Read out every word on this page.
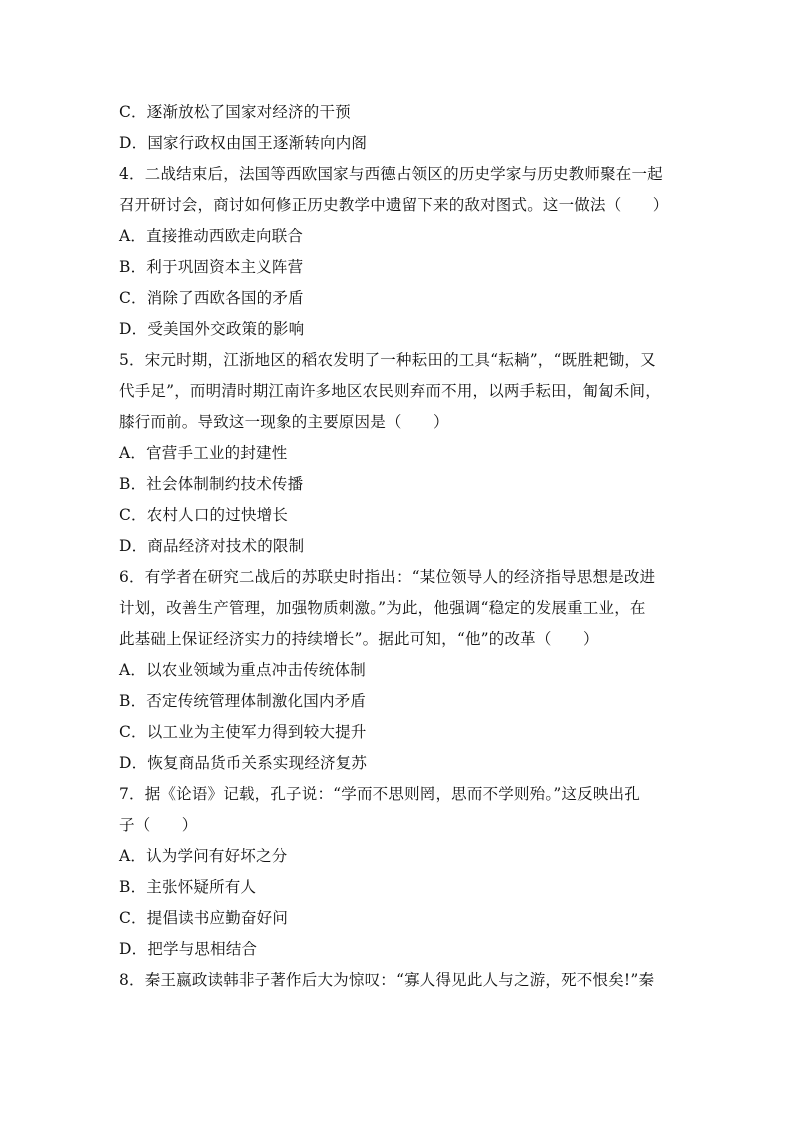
C．逐渐放松了国家对经济的干预
D．国家行政权由国王逐渐转向内阁
4．二战结束后，法国等西欧国家与西德占领区的历史学家与历史教师聚在一起
召开研讨会，商讨如何修正历史教学中遗留下来的敌对图式。这一做法（　　）
A．直接推动西欧走向联合
B．利于巩固资本主义阵营
C．消除了西欧各国的矛盾
D．受美国外交政策的影响
5．宋元时期，江浙地区的稻农发明了一种耘田的工具“耘耥”，“既胜耙锄，又
代手足”，而明清时期江南许多地区农民则弃而不用，以两手耘田，匍匐禾间，
膝行而前。导致这一现象的主要原因是（　　）
A．官营手工业的封建性
B．社会体制制约技术传播
C．农村人口的过快增长
D．商品经济对技术的限制
6．有学者在研究二战后的苏联史时指出：“某位领导人的经济指导思想是改进
计划，改善生产管理，加强物质刺激。”为此，他强调“稳定的发展重工业，在
此基础上保证经济实力的持续增长”。据此可知，“他”的改革（　　）
A．以农业领域为重点冲击传统体制
B．否定传统管理体制激化国内矛盾
C．以工业为主使军力得到较大提升
D．恢复商品货币关系实现经济复苏
7．据《论语》记载，孔子说：“学而不思则罔，思而不学则殆。”这反映出孔
子（　　）
A．认为学问有好坏之分
B．主张怀疑所有人
C．提倡读书应勤奋好问
D．把学与思相结合
8．秦王嬴政读韩非子著作后大为惊叹：“寡人得见此人与之游，死不恨矣!”秦
